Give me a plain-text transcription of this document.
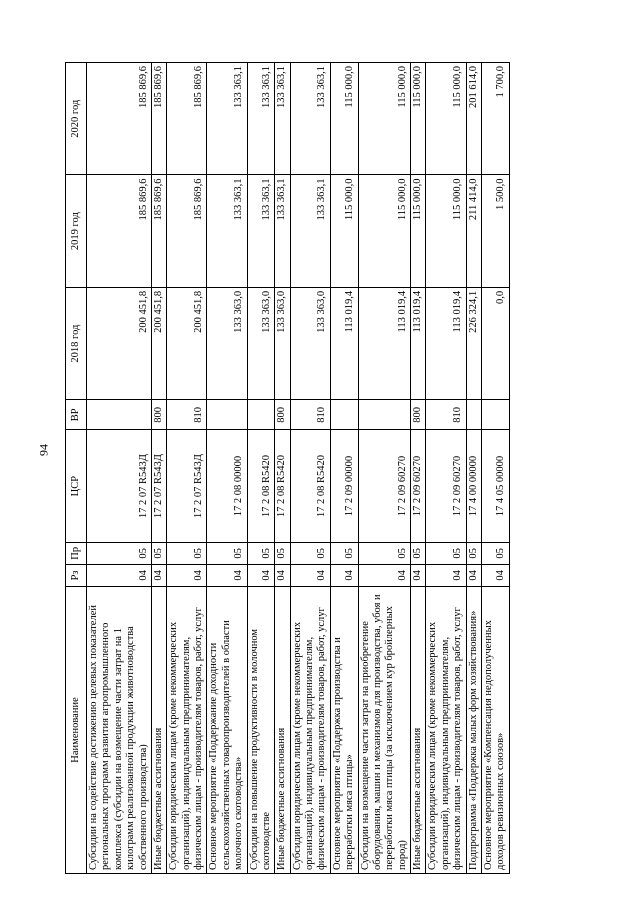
94
Наименование	Рз	Пр	ЦСР	ВР	2018 год	2019 год	2020 год
Субсидии на содействие достижению целевых показателей региональных программ развития агропромышленного комплекса (субсидии на возмещение части затрат на 1 килограмм реализованной продукции животноводства собственного производства)	04	05	17 2 07 R543Д		200 451,8	185 869,6	185 869,6
Иные бюджетные ассигнования	04	05	17 2 07 R543Д	800	200 451,8	185 869,6	185 869,6
Субсидии юридическим лицам (кроме некоммерческих организаций), индивидуальным предпринимателям, физическим лицам - производителям товаров, работ, услуг	04	05	17 2 07 R543Д	810	200 451,8	185 869,6	185 869,6
Основное мероприятие «Поддержание доходности сельскохозяйственных товаропроизводителей в области молочного скотоводства»	04	05	17 2 08 00000		133 363,0	133 363,1	133 363,1
Субсидии на повышение продуктивности в молочном скотоводстве	04	05	17 2 08 R5420		133 363,0	133 363,1	133 363,1
Иные бюджетные ассигнования	04	05	17 2 08 R5420	800	133 363,0	133 363,1	133 363,1
Субсидии юридическим лицам (кроме некоммерческих организаций), индивидуальным предпринимателям, физическим лицам - производителям товаров, работ, услуг	04	05	17 2 08 R5420	810	133 363,0	133 363,1	133 363,1
Основное мероприятие «Поддержка производства и переработки мяса птицы»	04	05	17 2 09 00000		113 019,4	115 000,0	115 000,0
Субсидии на возмещение части затрат на приобретение оборудования, машин и механизмов для производства, убоя и переработки мяса птицы (за исключением кур бройлерных пород)	04	05	17 2 09 60270		113 019,4	115 000,0	115 000,0
Иные бюджетные ассигнования	04	05	17 2 09 60270	800	113 019,4	115 000,0	115 000,0
Субсидии юридическим лицам (кроме некоммерческих организаций), индивидуальным предпринимателям, физическим лицам - производителям товаров, работ, услуг	04	05	17 2 09 60270	810	113 019,4	115 000,0	115 000,0
Подпрограмма «Поддержка малых форм хозяйствования»	04	05	17 4 00 00000		226 324,1	211 414,0	201 614,0
Основное мероприятие «Компенсация недополученных доходов ревизионных союзов»	04	05	17 4 05 00000		0,0	1 500,0	1 700,0
